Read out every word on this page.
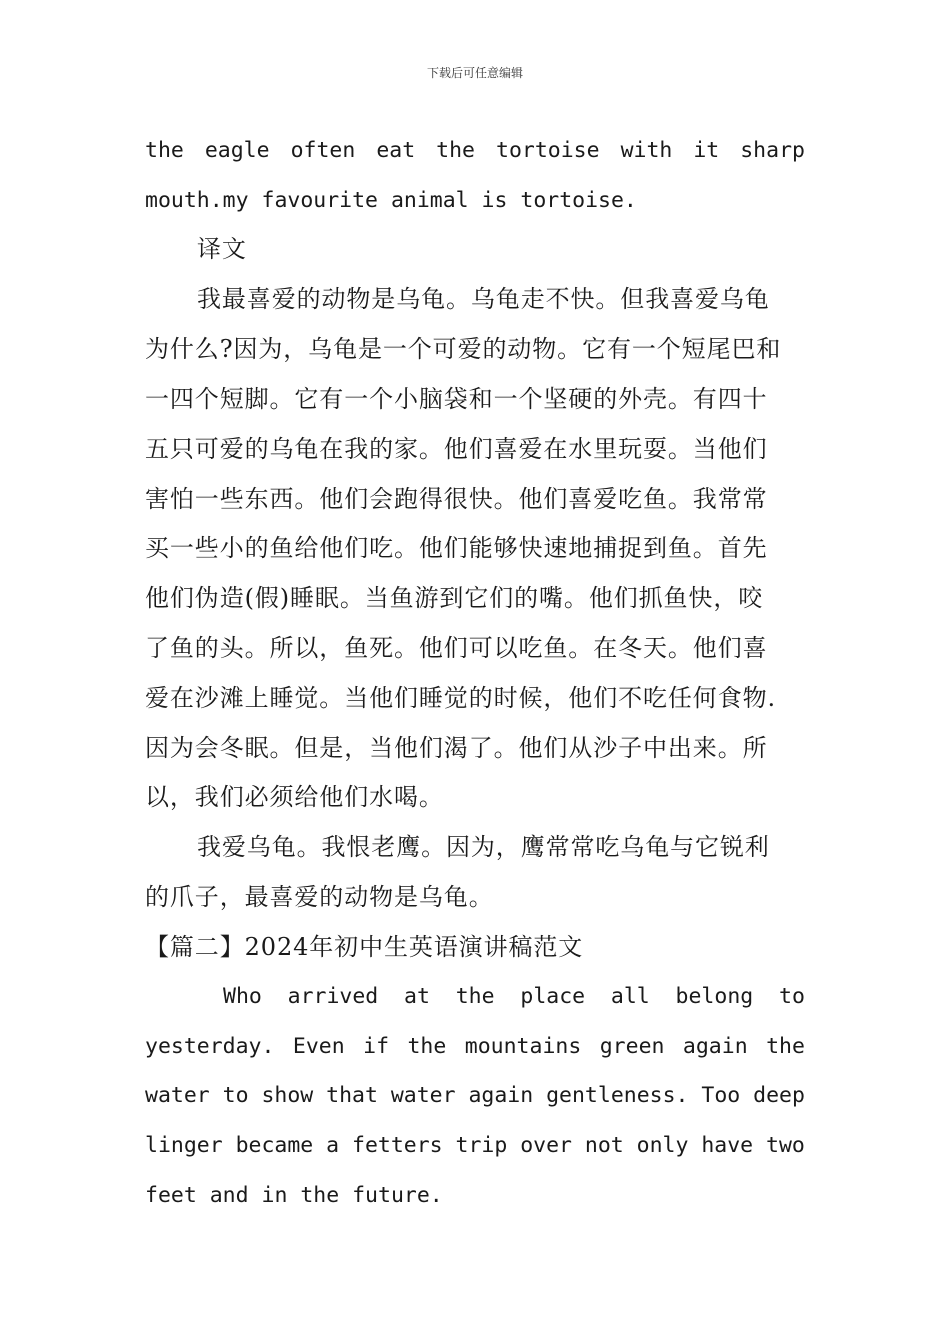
下载后可任意编辑
the eagle often eat the tortoise with it sharp
mouth.my favourite animal is tortoise.
译文
我最喜爱的动物是乌龟。乌龟走不快。但我喜爱乌龟
为什么?因为，乌龟是一个可爱的动物。它有一个短尾巴和
一四个短脚。它有一个小脑袋和一个坚硬的外壳。有四十
五只可爱的乌龟在我的家。他们喜爱在水里玩耍。当他们
害怕一些东西。他们会跑得很快。他们喜爱吃鱼。我常常
买一些小的鱼给他们吃。他们能够快速地捕捉到鱼。首先
他们伪造(假)睡眠。当鱼游到它们的嘴。他们抓鱼快，咬
了鱼的头。所以，鱼死。他们可以吃鱼。在冬天。他们喜
爱在沙滩上睡觉。当他们睡觉的时候，他们不吃任何食物.
因为会冬眠。但是，当他们渴了。他们从沙子中出来。所
以，我们必须给他们水喝。
我爱乌龟。我恨老鹰。因为，鹰常常吃乌龟与它锐利
的爪子，最喜爱的动物是乌龟。
【篇二】2024年初中生英语演讲稿范文
Who arrived at the place all belong to
yesterday. Even if the mountains green again the
water to show that water again gentleness. Too deep
linger became a fetters trip over not only have two
feet and in the future.
